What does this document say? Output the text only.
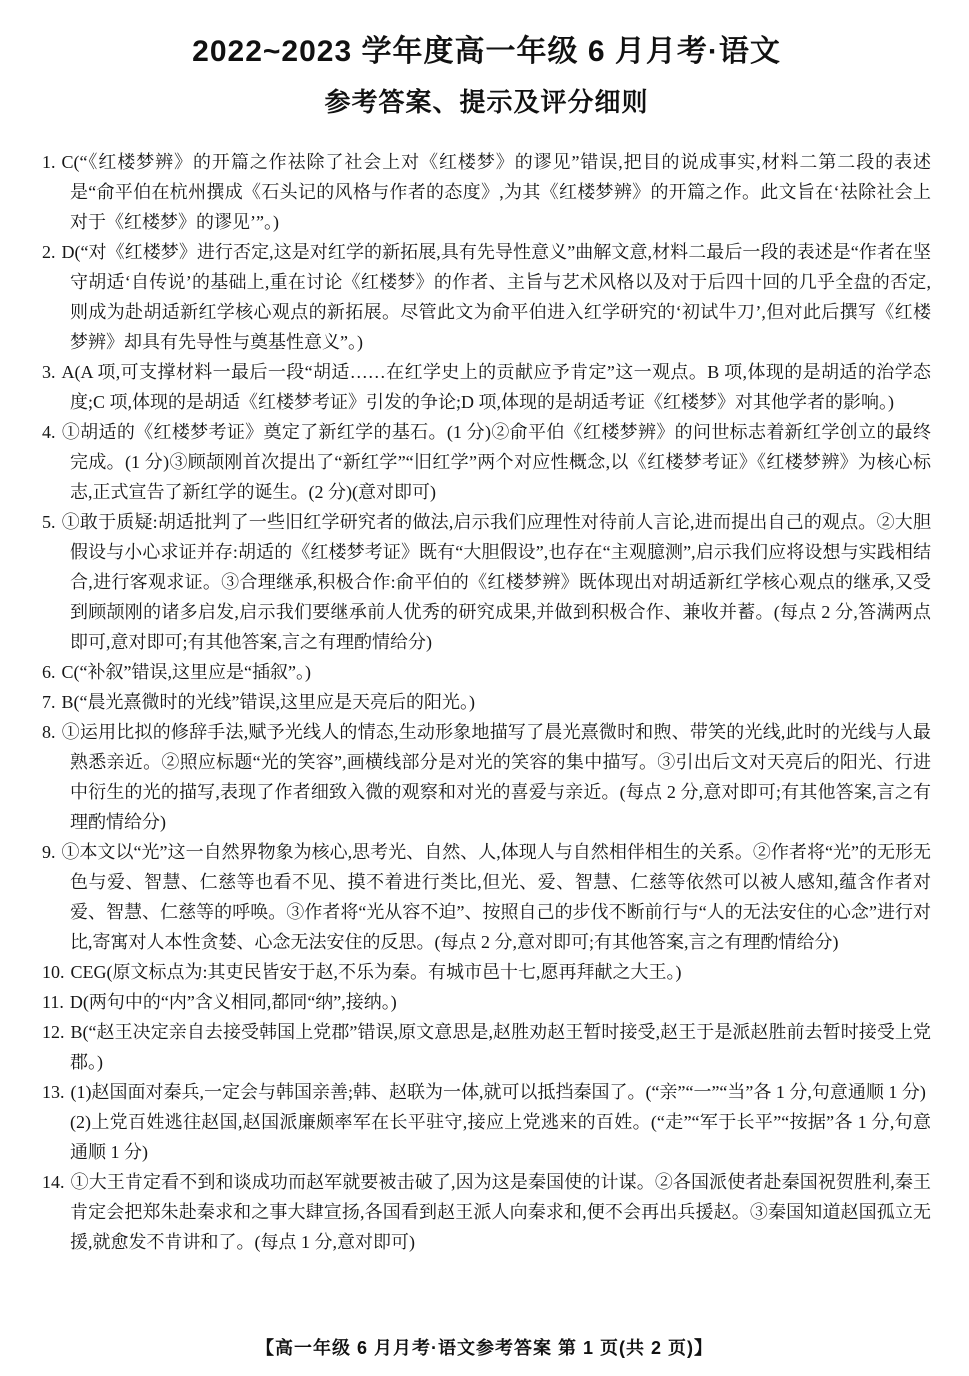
2022~2023 学年度高一年级 6 月月考·语文
参考答案、提示及评分细则

1. C(“《红楼梦辨》的开篇之作祛除了社会上对《红楼梦》的谬见”错误,把目的说成事实,材料二第二段的表述是“俞平伯在杭州撰成《石头记的风格与作者的态度》,为其《红楼梦辨》的开篇之作。此文旨在‘祛除社会上对于《红楼梦》的谬见’”。)

2. D(“对《红楼梦》进行否定,这是对红学的新拓展,具有先导性意义”曲解文意,材料二最后一段的表述是“作者在坚守胡适‘自传说’的基础上,重在讨论《红楼梦》的作者、主旨与艺术风格以及对于后四十回的几乎全盘的否定,则成为赴胡适新红学核心观点的新拓展。尽管此文为俞平伯进入红学研究的‘初试牛刀’,但对此后撰写《红楼梦辨》却具有先导性与奠基性意义”。)

3. A(A 项,可支撑材料一最后一段“胡适……在红学史上的贡献应予肯定”这一观点。B 项,体现的是胡适的治学态度;C 项,体现的是胡适《红楼梦考证》引发的争论;D 项,体现的是胡适考证《红楼梦》对其他学者的影响。)

4. ①胡适的《红楼梦考证》奠定了新红学的基石。(1 分)②俞平伯《红楼梦辨》的问世标志着新红学创立的最终完成。(1 分)③顾颉刚首次提出了“新红学”“旧红学”两个对应性概念,以《红楼梦考证》《红楼梦辨》为核心标志,正式宣告了新红学的诞生。(2 分)(意对即可)

5. ①敢于质疑:胡适批判了一些旧红学研究者的做法,启示我们应理性对待前人言论,进而提出自己的观点。②大胆假设与小心求证并存:胡适的《红楼梦考证》既有“大胆假设”,也存在“主观臆测”,启示我们应将设想与实践相结合,进行客观求证。③合理继承,积极合作:俞平伯的《红楼梦辨》既体现出对胡适新红学核心观点的继承,又受到顾颉刚的诸多启发,启示我们要继承前人优秀的研究成果,并做到积极合作、兼收并蓄。(每点 2 分,答满两点即可,意对即可;有其他答案,言之有理酌情给分)

6. C(“补叙”错误,这里应是“插叙”。)

7. B(“晨光熹微时的光线”错误,这里应是天亮后的阳光。)

8. ①运用比拟的修辞手法,赋予光线人的情态,生动形象地描写了晨光熹微时和煦、带笑的光线,此时的光线与人最熟悉亲近。②照应标题“光的笑容”,画横线部分是对光的笑容的集中描写。③引出后文对天亮后的阳光、行进中衍生的光的描写,表现了作者细致入微的观察和对光的喜爱与亲近。(每点 2 分,意对即可;有其他答案,言之有理酌情给分)

9. ①本文以“光”这一自然界物象为核心,思考光、自然、人,体现人与自然相伴相生的关系。②作者将“光”的无形无色与爱、智慧、仁慈等也看不见、摸不着进行类比,但光、爱、智慧、仁慈等依然可以被人感知,蕴含作者对爱、智慧、仁慈等的呼唤。③作者将“光从容不迫”、按照自己的步伐不断前行与“人的无法安住的心念”进行对比,寄寓对人本性贪婪、心念无法安住的反思。(每点 2 分,意对即可;有其他答案,言之有理酌情给分)

10. CEG(原文标点为:其吏民皆安于赵,不乐为秦。有城市邑十七,愿再拜献之大王。)

11. D(两句中的“内”含义相同,都同“纳”,接纳。)

12. B(“赵王决定亲自去接受韩国上党郡”错误,原文意思是,赵胜劝赵王暂时接受,赵王于是派赵胜前去暂时接受上党郡。)

13. (1)赵国面对秦兵,一定会与韩国亲善;韩、赵联为一体,就可以抵挡秦国了。(“亲”“一”“当”各 1 分,句意通顺 1 分)

(2)上党百姓逃往赵国,赵国派廉颇率军在长平驻守,接应上党逃来的百姓。(“走”“军于长平”“按据”各 1 分,句意通顺 1 分)

14. ①大王肯定看不到和谈成功而赵军就要被击破了,因为这是秦国使的计谋。②各国派使者赴秦国祝贺胜利,秦王肯定会把郑朱赴秦求和之事大肆宣扬,各国看到赵王派人向秦求和,便不会再出兵援赵。③秦国知道赵国孤立无援,就愈发不肯讲和了。(每点 1 分,意对即可)

【高一年级 6 月月考·语文参考答案 第 1 页(共 2 页)】
